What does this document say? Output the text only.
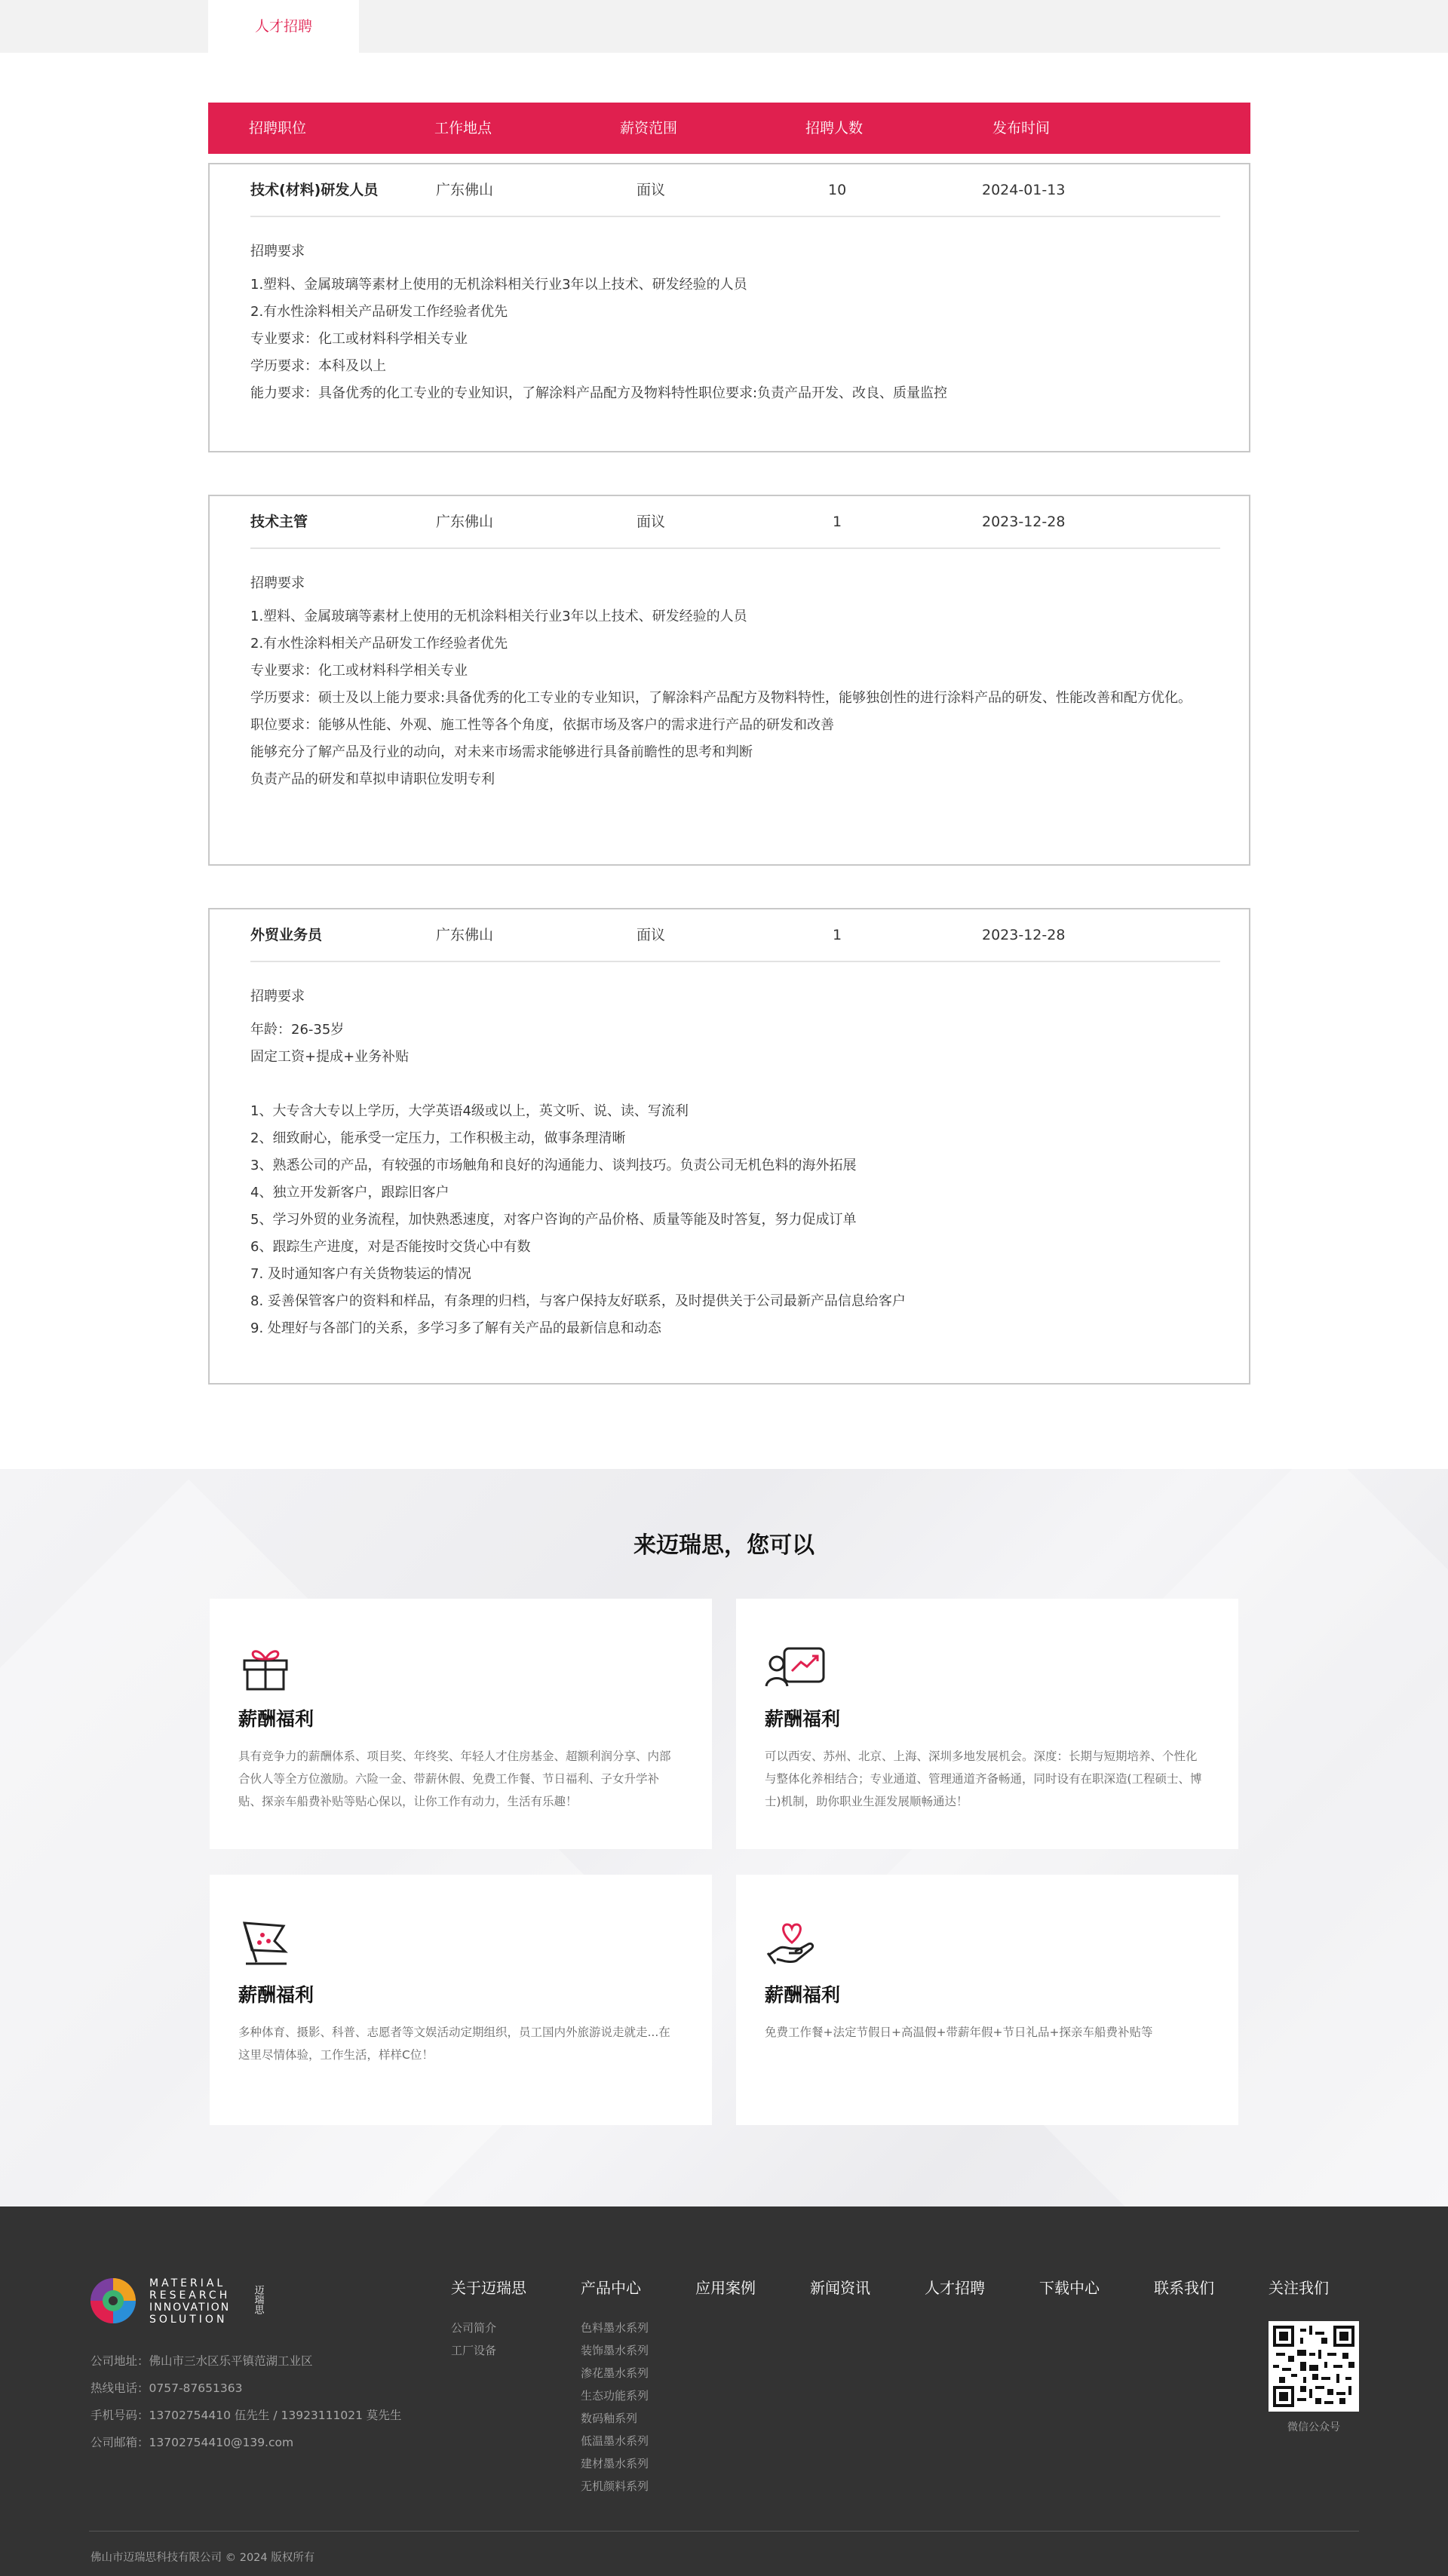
人才招聘
招聘职位	工作地点	薪资范围	招聘人数	发布时间
技术(材料)研发人员	广东佛山	面议	10	2024-01-13
招聘要求

1.塑料、金属玻璃等素材上使用的无机涂料相关行业3年以上技术、研发经验的人员

2.有水性涂料相关产品研发工作经验者优先

专业要求：化工或材料科学相关专业

学历要求：本科及以上

能力要求：具备优秀的化工专业的专业知识，了解涂料产品配方及物料特性职位要求:负责产品开发、改良、质量监控

技术主管	广东佛山	面议	1	2023-12-28
招聘要求

1.塑料、金属玻璃等素材上使用的无机涂料相关行业3年以上技术、研发经验的人员

2.有水性涂料相关产品研发工作经验者优先

专业要求：化工或材料科学相关专业

学历要求：硕士及以上能力要求:具备优秀的化工专业的专业知识，了解涂料产品配方及物料特性，能够独创性的进行涂料产品的研发、性能改善和配方优化。

职位要求：能够从性能、外观、施工性等各个角度，依据市场及客户的需求进行产品的研发和改善

能够充分了解产品及行业的动向，对未来市场需求能够进行具备前瞻性的思考和判断

负责产品的研发和草拟申请职位发明专利

外贸业务员	广东佛山	面议	1	2023-12-28
招聘要求

年龄：26-35岁

固定工资+提成+业务补贴

1、大专含大专以上学历，大学英语4级或以上，英文听、说、读、写流利

2、细致耐心，能承受一定压力，工作积极主动，做事条理清晰

3、熟悉公司的产品，有较强的市场触角和良好的沟通能力、谈判技巧。负责公司无机色料的海外拓展

4、独立开发新客户，跟踪旧客户

5、学习外贸的业务流程，加快熟悉速度，对客户咨询的产品价格、质量等能及时答复，努力促成订单

6、跟踪生产进度，对是否能按时交货心中有数

7. 及时通知客户有关货物装运的情况

8. 妥善保管客户的资料和样品，有条理的归档，与客户保持友好联系，及时提供关于公司最新产品信息给客户

9. 处理好与各部门的关系，多学习多了解有关产品的最新信息和动态

来迈瑞思，您可以
薪酬福利
具有竞争力的薪酬体系、项目奖、年终奖、年轻人才住房基金、超额利润分享、内部合伙人等全方位激励。六险一金、带薪休假、免费工作餐、节日福利、子女升学补贴、探亲车船费补贴等贴心保以，让你工作有动力，生活有乐趣！
薪酬福利
可以西安、苏州、北京、上海、深圳多地发展机会。深度：长期与短期培养、个性化与整体化养相结合；专业通道、管理通道齐备畅通，同时设有在职深造(工程硕士、博士)机制，助你职业生涯发展顺畅通达！
薪酬福利
多种体育、摄影、科普、志愿者等文娱活动定期组织，员工国内外旅游说走就走...在这里尽情体验，工作生活，样样C位！
薪酬福利
免费工作餐+法定节假日+高温假+带薪年假+节日礼品+探亲车船费补贴等
MATERIAL
RESEARCH
INNOVATION
SOLUTION
迈瑞思
公司地址：佛山市三水区乐平镇范湖工业区
热线电话：0757-87651363
手机号码：13702754410 伍先生 / 13923111021 莫先生
公司邮箱：13702754410@139.com
关于迈瑞思
公司简介
工厂设备
产品中心
色料墨水系列
装饰墨水系列
渗花墨水系列
生态功能系列
数码釉系列
低温墨水系列
建材墨水系列
无机颜料系列
应用案例	新闻资讯	人才招聘	下载中心	联系我们	关注我们
微信公众号
佛山市迈瑞思科技有限公司 © 2024 版权所有
